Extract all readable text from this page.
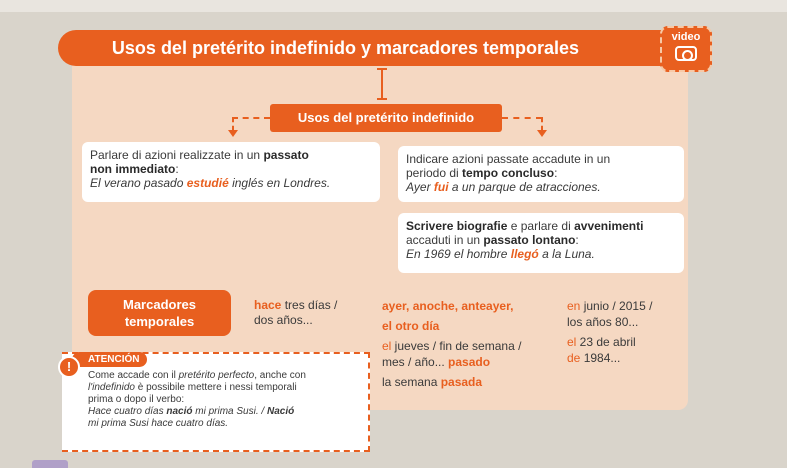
Usos del pretérito indefinido y marcadores temporales
video
Usos del pretérito indefinido
Parlare di azioni realizzate in un passato
non immediato:
El verano pasado estudié inglés en Londres.
Indicare azioni passate accadute in un
periodo di tempo concluso:
Ayer fui a un parque de atracciones.
Scrivere biografie e parlare di avvenimenti
accaduti in un passato lontano:
En 1969 el hombre llegó a la Luna.
Marcadores
temporales
hace tres días /
dos años...
ayer, anoche, anteayer,
el otro día
el jueves / fin de semana /
mes / año... pasado
la semana pasada
en junio / 2015 /
los años 80...
el 23 de abril
de 1984...
Come accade con il pretérito perfecto, anche con
l'indefinido è possibile mettere i nessi temporali
prima o dopo il verbo:
Hace cuatro días nació mi prima Susi. / Nació
mi prima Susi hace cuatro días.
ATENCIÓN
!
